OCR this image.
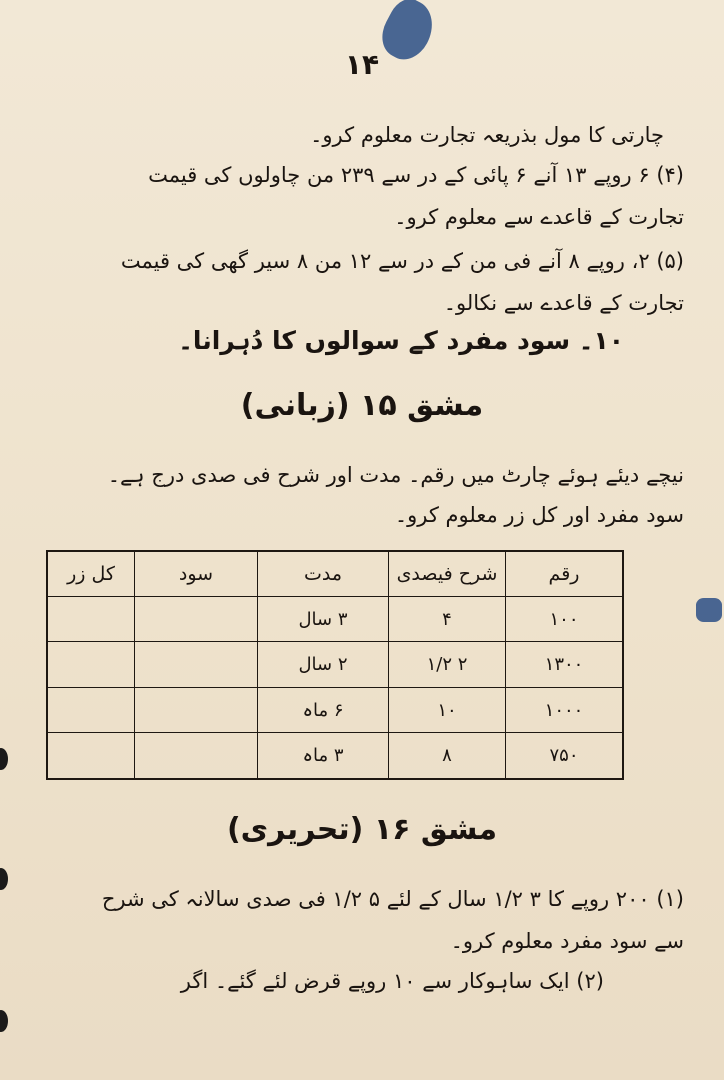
۱۴
چارتی کا مول بذریعہ تجارت معلوم کرو۔
(۴) ۶ روپے ۱۳ آنے ۶ پائی کے در سے ۲۳۹ من چاولوں کی قیمت
تجارت کے قاعدے سے معلوم کرو۔
(۵) ۲، روپے ۸ آنے فی من کے در سے ۱۲ من ۸ سیر گھی کی قیمت
تجارت کے قاعدے سے نکالو۔
۱۰۔ سود مفرد کے سوالوں کا دُہرانا۔
مشق ۱۵ (زبانی)
نیچے دیئے ہوئے چارٹ میں رقم۔ مدت اور شرح فی صدی درج ہے۔
سود مفرد اور کل زر معلوم کرو۔
رقم	شرح فیصدی	مدت	سود	کل زر
۱۰۰	۴	۳ سال		
۱۳۰۰	۲ ۱/۲	۲ سال		
۱۰۰۰	۱۰	۶ ماہ		
۷۵۰	۸	۳ ماہ		
مشق ۱۶ (تحریری)
(۱) ۲۰۰ روپے کا ۳ ۱/۲ سال کے لئے ۵ ۱/۲ فی صدی سالانہ کی شرح
سے سود مفرد معلوم کرو۔
(۲) ایک ساہوکار سے ۱۰ روپے قرض لئے گئے۔ اگر
